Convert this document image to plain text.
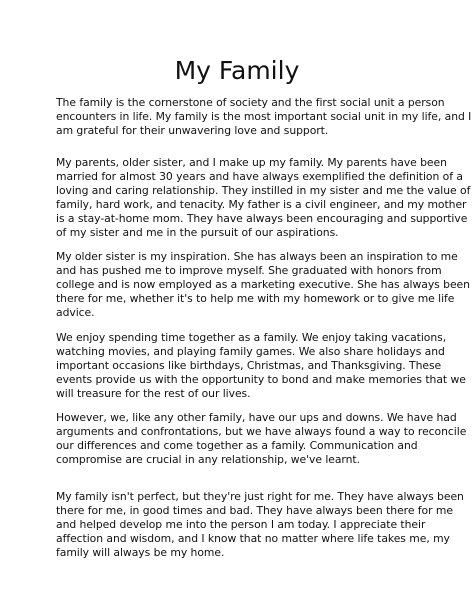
My Family

The family is the cornerstone of society and the first social unit a person
encounters in life. My family is the most important social unit in my life, and I
am grateful for their unwavering love and support.

My parents, older sister, and I make up my family. My parents have been
married for almost 30 years and have always exemplified the definition of a
loving and caring relationship. They instilled in my sister and me the value of
family, hard work, and tenacity. My father is a civil engineer, and my mother
is a stay-at-home mom. They have always been encouraging and supportive
of my sister and me in the pursuit of our aspirations.

My older sister is my inspiration. She has always been an inspiration to me
and has pushed me to improve myself. She graduated with honors from
college and is now employed as a marketing executive. She has always been
there for me, whether it's to help me with my homework or to give me life
advice.

We enjoy spending time together as a family. We enjoy taking vacations,
watching movies, and playing family games. We also share holidays and
important occasions like birthdays, Christmas, and Thanksgiving. These
events provide us with the opportunity to bond and make memories that we
will treasure for the rest of our lives.

However, we, like any other family, have our ups and downs. We have had
arguments and confrontations, but we have always found a way to reconcile
our differences and come together as a family. Communication and
compromise are crucial in any relationship, we've learnt.

My family isn't perfect, but they're just right for me. They have always been
there for me, in good times and bad. They have always been there for me
and helped develop me into the person I am today. I appreciate their
affection and wisdom, and I know that no matter where life takes me, my
family will always be my home.
